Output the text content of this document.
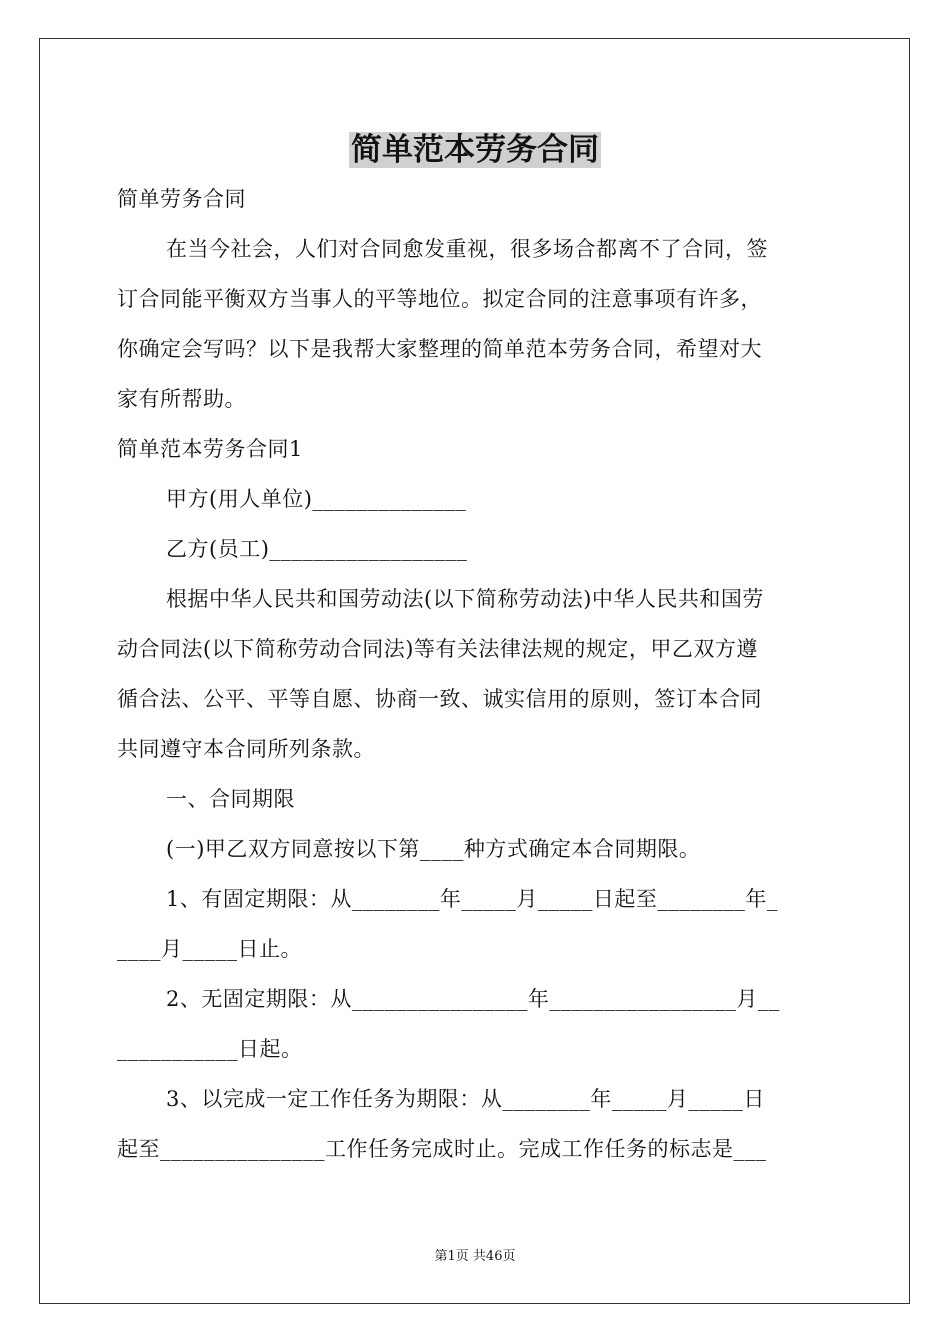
简单范本劳务合同
简单劳务合同
在当今社会，人们对合同愈发重视，很多场合都离不了合同，签
订合同能平衡双方当事人的平等地位。拟定合同的注意事项有许多，
你确定会写吗？以下是我帮大家整理的简单范本劳务合同，希望对大
家有所帮助。
简单范本劳务合同1
甲方(用人单位)______________
乙方(员工)__________________
根据中华人民共和国劳动法(以下简称劳动法)中华人民共和国劳
动合同法(以下简称劳动合同法)等有关法律法规的规定，甲乙双方遵
循合法、公平、平等自愿、协商一致、诚实信用的原则，签订本合同
共同遵守本合同所列条款。
一、合同期限
(一)甲乙双方同意按以下第____种方式确定本合同期限。
1、有固定期限：从________年_____月_____日起至________年_
____月_____日止。
2、无固定期限：从________________年_________________月__
___________日起。
3、以完成一定工作任务为期限：从________年_____月_____日
起至_______________工作任务完成时止。完成工作任务的标志是___
第1页 共46页
